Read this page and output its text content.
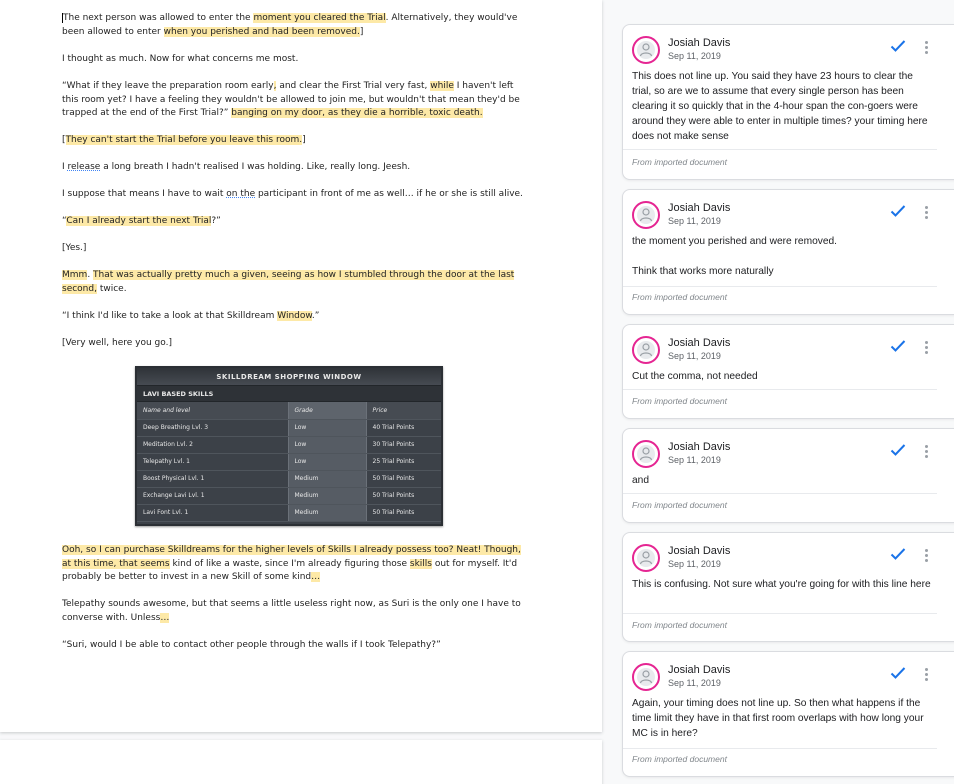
The next person was allowed to enter the moment you cleared the Trial. Alternatively, they would've been allowed to enter when you perished and had been removed.]

I thought as much. Now for what concerns me most.

“What if they leave the preparation room early, and clear the First Trial very fast, while I haven't left this room yet? I have a feeling they wouldn't be allowed to join me, but wouldn't that mean they'd be trapped at the end of the First Trial?” banging on my door, as they die a horrible, toxic death.

[They can't start the Trial before you leave this room.]

I release a long breath I hadn't realised I was holding. Like, really long. Jeesh.

I suppose that means I have to wait on the participant in front of me as well… if he or she is still alive.

“Can I already start the next Trial?”

[Yes.]

Mmm. That was actually pretty much a given, seeing as how I stumbled through the door at the last second, twice.

“I think I'd like to take a look at that Skilldream Window.”

[Very well, here you go.]

Ooh, so I can purchase Skilldreams for the higher levels of Skills I already possess too? Neat! Though, at this time, that seems kind of like a waste, since I'm already figuring those skills out for myself. It'd probably be better to invest in a new Skill of some kind…

Telepathy sounds awesome, but that seems a little useless right now, as Suri is the only one I have to converse with. Unless…

“Suri, would I be able to contact other people through the walls if I took Telepathy?”

SKILLDREAM SHOPPING WINDOW
LAVI BASED SKILLS
Name and level	Grade	Price
Deep Breathing Lvl. 3	Low	40 Trial Points
Meditation Lvl. 2	Low	30 Trial Points
Telepathy Lvl. 1	Low	25 Trial Points
Boost Physical Lvl. 1	Medium	50 Trial Points
Exchange Lavi Lvl. 1	Medium	50 Trial Points
Lavi Font Lvl. 1	Medium	50 Trial Points
Josiah Davis
Sep 11, 2019
This does not line up. You said they have 23 hours to clear the trial, so are we to assume that every single person has been clearing it so quickly that in the 4-hour span the con-goers were around they were able to enter in multiple times? your timing here does not make sense
From imported document
Josiah Davis
Sep 11, 2019
the moment you perished and were removed.
Think that works more naturally
From imported document
Josiah Davis
Sep 11, 2019
Cut the comma, not needed
From imported document
Josiah Davis
Sep 11, 2019
and
From imported document
Josiah Davis
Sep 11, 2019
This is confusing. Not sure what you're going for with this line here
From imported document
Josiah Davis
Sep 11, 2019
Again, your timing does not line up. So then what happens if the time limit they have in that first room overlaps with how long your MC is in here?
From imported document
